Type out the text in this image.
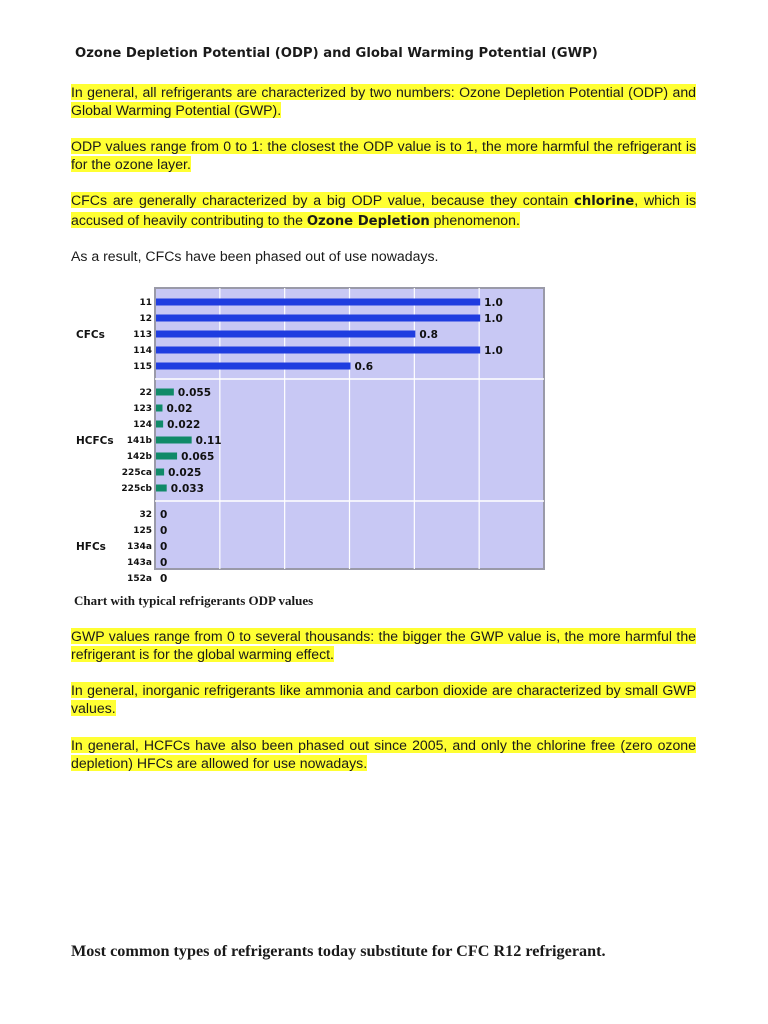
Ozone Depletion Potential (ODP) and Global Warming Potential (GWP)

In general, all refrigerants are characterized by two numbers: Ozone Depletion Potential (ODP) and Global Warming Potential (GWP).

ODP values range from 0 to 1: the closest the ODP value is to 1, the more harmful the refrigerant is for the ozone layer.

CFCs are generally characterized by a big ODP value, because they contain chlorine, which is accused of heavily contributing to the Ozone Depletion phenomenon.

As a result, CFCs have been phased out of use nowadays.

11	1.0
12	1.0
113	0.8
114	1.0
115	0.6
CFCs
22 0.055
123 0.02
124 0.022
141b	0.11
142b	0.065
225ca 0.025
225cb 0.033
HCFCs
32 0
125 0
134a 0
143a 0
152a 0
HFCs
Chart with typical refrigerants ODP values

GWP values range from 0 to several thousands: the bigger the GWP value is, the more harmful the refrigerant is for the global warming effect.

In general, inorganic refrigerants like ammonia and carbon dioxide are characterized by small GWP values.

In general, HCFCs have also been phased out since 2005, and only the chlorine free (zero ozone depletion) HFCs are allowed for use nowadays.

Most common types of refrigerants today substitute for CFC R12 refrigerant.
